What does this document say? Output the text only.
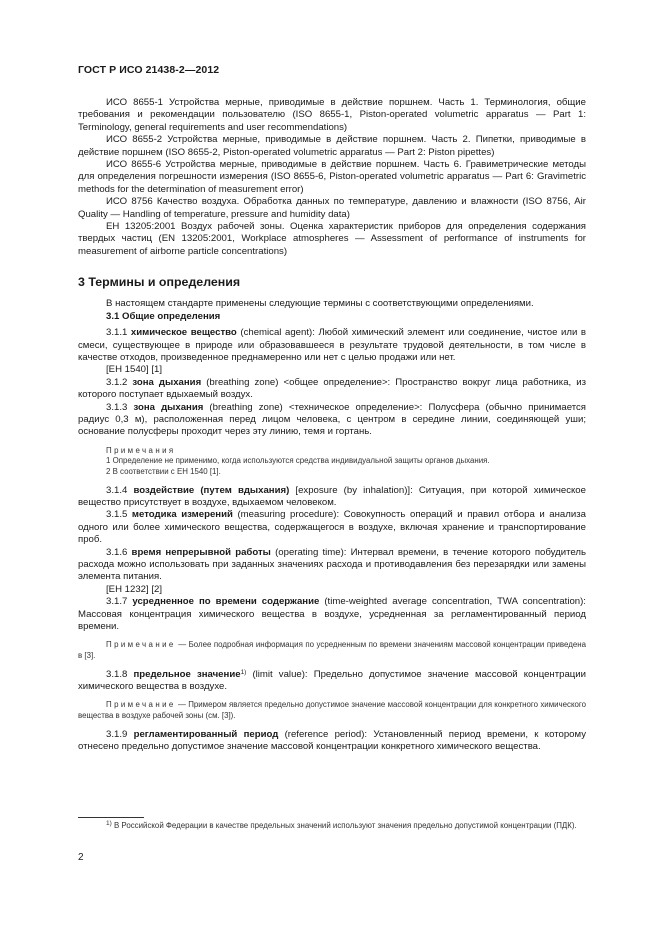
ГОСТ Р ИСО 21438-2—2012

ИСО 8655-1 Устройства мерные, приводимые в действие поршнем. Часть 1. Терминология, общие требования и рекомендации пользователю (ISO 8655-1, Piston-operated volumetric apparatus — Part 1: Terminology, general requirements and user recommendations)

ИСО 8655-2 Устройства мерные, приводимые в действие поршнем. Часть 2. Пипетки, приводимые в действие поршнем (ISO 8655-2, Piston-operated volumetric apparatus — Part 2: Piston pipettes)

ИСО 8655-6 Устройства мерные, приводимые в действие поршнем. Часть 6. Гравиметрические методы для определения погрешности измерения (ISO 8655-6, Piston-operated volumetric apparatus — Part 6: Gravimetric methods for the determination of measurement error)

ИСО 8756 Качество воздуха. Обработка данных по температуре, давлению и влажности (ISO 8756, Air Quality — Handling of temperature, pressure and humidity data)

ЕН 13205:2001 Воздух рабочей зоны. Оценка характеристик приборов для определения содержания твердых частиц (EN 13205:2001, Workplace atmospheres — Assessment of performance of instruments for measurement of airborne particle concentrations)

3 Термины и определения

В настоящем стандарте применены следующие термины с соответствующими определениями.

3.1 Общие определения

3.1.1 химическое вещество (chemical agent): Любой химический элемент или соединение, чистое или в смеси, существующее в природе или образовавшееся в результате трудовой деятельности, в том числе в качестве отходов, произведенное преднамеренно или нет с целью продажи или нет.

[ЕН 1540] [1]

3.1.2 зона дыхания (breathing zone) <общее определение>: Пространство вокруг лица работника, из которого поступает вдыхаемый воздух.

3.1.3 зона дыхания (breathing zone) <техническое определение>: Полусфера (обычно принимается радиус 0,3 м), расположенная перед лицом человека, с центром в середине линии, соединяющей уши; основание полусферы проходит через эту линию, темя и гортань.

Примечания

1 Определение не применимо, когда используются средства индивидуальной защиты органов дыхания.

2 В соответствии с ЕН 1540 [1].

3.1.4 воздействие (путем вдыхания) [exposure (by inhalation)]: Ситуация, при которой химическое вещество присутствует в воздухе, вдыхаемом человеком.

3.1.5 методика измерений (measuring procedure): Совокупность операций и правил отбора и анализа одного или более химического вещества, содержащегося в воздухе, включая хранение и транспортирование проб.

3.1.6 время непрерывной работы (operating time): Интервал времени, в течение которого побудитель расхода можно использовать при заданных значениях расхода и противодавления без перезарядки или замены элемента питания.

[ЕН 1232] [2]

3.1.7 усредненное по времени содержание (time-weighted average concentration, TWA concentration): Массовая концентрация химического вещества в воздухе, усредненная за регламентированный период времени.

Примечание — Более подробная информация по усредненным по времени значениям массовой концентрации приведена в [3].

3.1.8 предельное значение$^{1)}$ (limit value): Предельно допустимое значение массовой концентрации химического вещества в воздухе.

Примечание — Примером является предельно допустимое значение массовой концентрации для конкретного химического вещества в воздухе рабочей зоны (см. [3]).

3.1.9 регламентированный период (reference period): Установленный период времени, к которому отнесено предельно допустимое значение массовой концентрации конкретного химического вещества.

$^{1)}$ В Российской Федерации в качестве предельных значений используют значения предельно допустимой концентрации (ПДК).
2
